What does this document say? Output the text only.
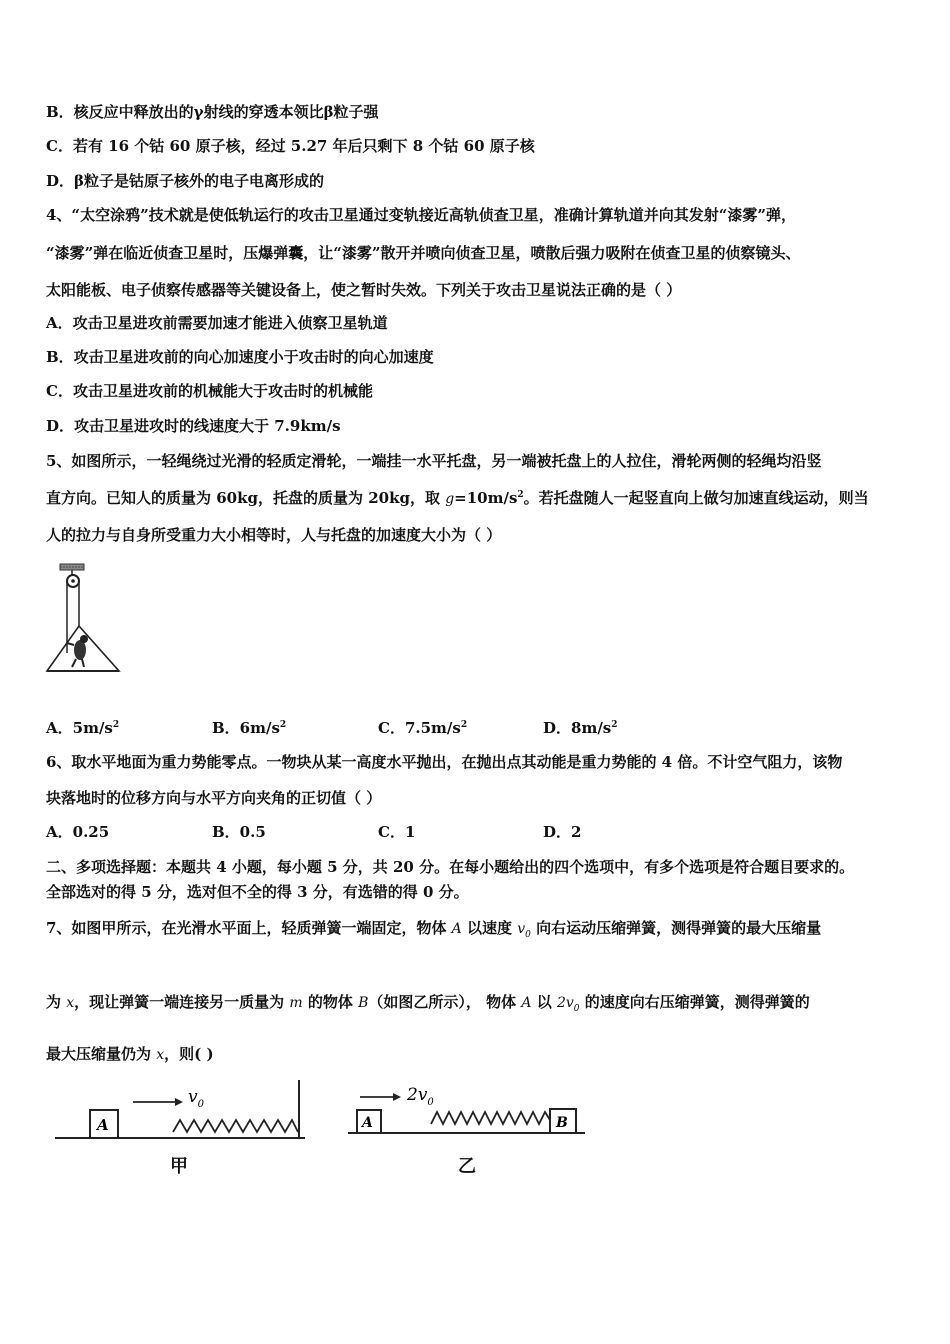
B．核反应中释放出的γ射线的穿透本领比β粒子强
C．若有 16 个钴 60 原子核，经过 5.27 年后只剩下 8 个钴 60 原子核
D．β粒子是钴原子核外的电子电离形成的
4、“太空涂鸦”技术就是使低轨运行的攻击卫星通过变轨接近高轨侦查卫星，准确计算轨道并向其发射“漆雾”弹，
“漆雾”弹在临近侦查卫星时，压爆弹囊，让“漆雾”散开并喷向侦查卫星，喷散后强力吸附在侦查卫星的侦察镜头、
太阳能板、电子侦察传感器等关键设备上，使之暂时失效。下列关于攻击卫星说法正确的是（ ）
A．攻击卫星进攻前需要加速才能进入侦察卫星轨道
B．攻击卫星进攻前的向心加速度小于攻击时的向心加速度
C．攻击卫星进攻前的机械能大于攻击时的机械能
D．攻击卫星进攻时的线速度大于 7.9km/s
5、如图所示，一轻绳绕过光滑的轻质定滑轮，一端挂一水平托盘，另一端被托盘上的人拉住，滑轮两侧的轻绳均沿竖
直方向。已知人的质量为 60kg，托盘的质量为 20kg，取 $g=10m/s^2$。若托盘随人一起竖直向上做匀加速直线运动，则当
人的拉力与自身所受重力大小相等时，人与托盘的加速度大小为（ ）
A．$5m/s^2$	B．$6m/s^2$	C．$7.5m/s^2$	D．$8m/s^2$
6、取水平地面为重力势能零点。一物块从某一高度水平抛出，在抛出点其动能是重力势能的 4 倍。不计空气阻力，该物
块落地时的位移方向与水平方向夹角的正切值（ ）
A．0.25	B．0.5	C．1	D．2
二、多项选择题：本题共 4 小题，每小题 5 分，共 20 分。在每小题给出的四个选项中，有多个选项是符合题目要求的。
全部选对的得 5 分，选对但不全的得 3 分，有选错的得 0 分。
7、如图甲所示，在光滑水平面上，轻质弹簧一端固定，物体 A 以速度 $v_0$ 向右运动压缩弹簧，测得弹簧的最大压缩量
为 x，现让弹簧一端连接另一质量为 m 的物体 B（如图乙所示）， 物体 A 以 $2v_0$ 的速度向右压缩弹簧，测得弹簧的
最大压缩量仍为 x，则( )
A
$v_0$
甲
A
$2v_0$
B
乙
